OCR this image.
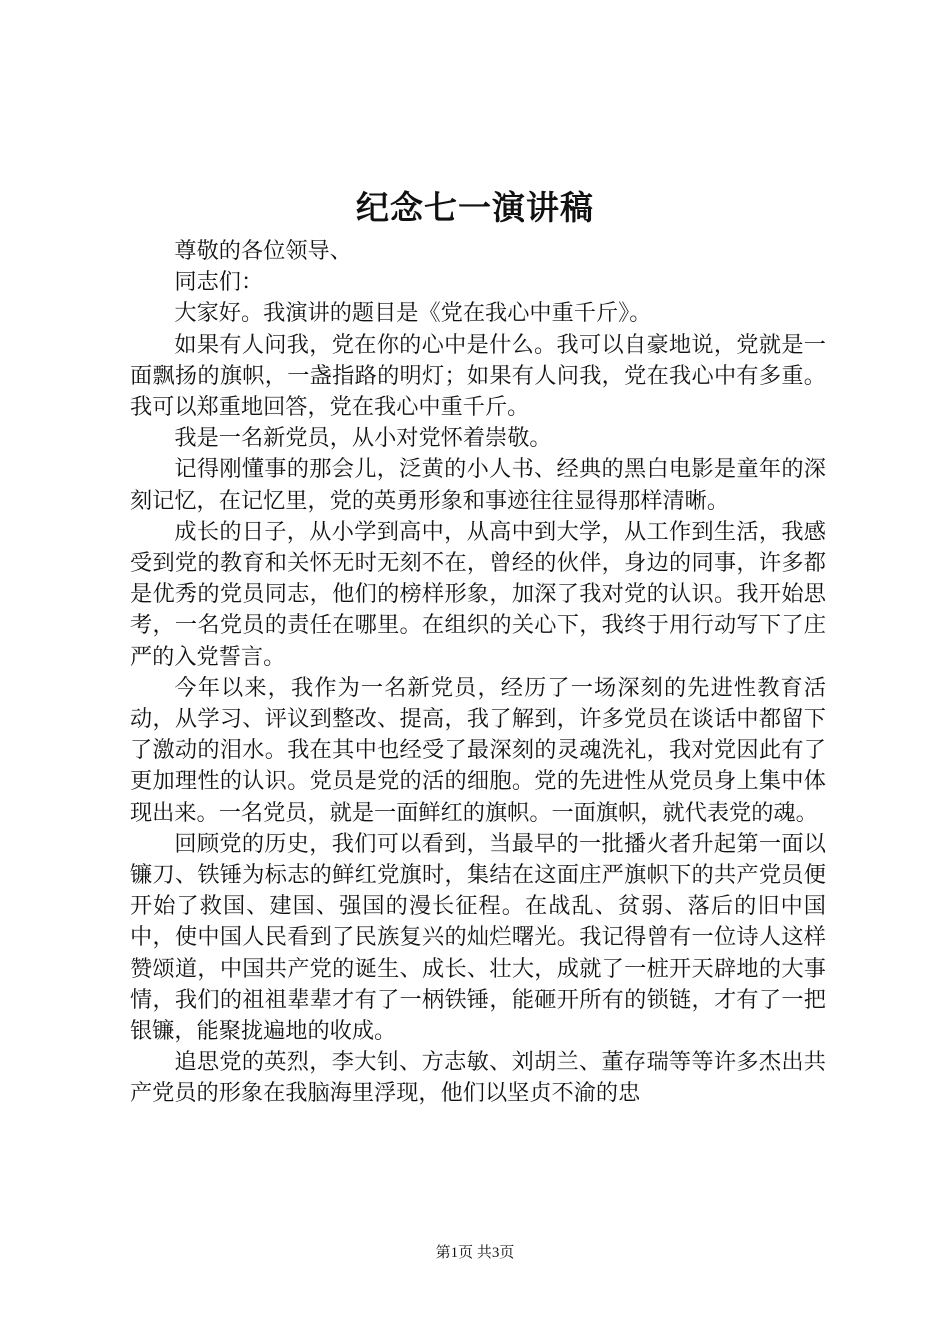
纪念七一演讲稿

尊敬的各位领导、

同志们：

大家好。我演讲的题目是《党在我心中重千斤》。

如果有人问我，党在你的心中是什么。我可以自豪地说，党就是一面飘扬的旗帜，一盏指路的明灯；如果有人问我，党在我心中有多重。我可以郑重地回答，党在我心中重千斤。

我是一名新党员，从小对党怀着崇敬。

记得刚懂事的那会儿，泛黄的小人书、经典的黑白电影是童年的深刻记忆，在记忆里，党的英勇形象和事迹往往显得那样清晰。

成长的日子，从小学到高中，从高中到大学，从工作到生活，我感受到党的教育和关怀无时无刻不在，曾经的伙伴，身边的同事，许多都是优秀的党员同志，他们的榜样形象，加深了我对党的认识。我开始思考，一名党员的责任在哪里。在组织的关心下，我终于用行动写下了庄严的入党誓言。

今年以来，我作为一名新党员，经历了一场深刻的先进性教育活动，从学习、评议到整改、提高，我了解到，许多党员在谈话中都留下了激动的泪水。我在其中也经受了最深刻的灵魂洗礼，我对党因此有了更加理性的认识。党员是党的活的细胞。党的先进性从党员身上集中体现出来。一名党员，就是一面鲜红的旗帜。一面旗帜，就代表党的魂。

回顾党的历史，我们可以看到，当最早的一批播火者升起第一面以镰刀、铁锤为标志的鲜红党旗时，集结在这面庄严旗帜下的共产党员便开始了救国、建国、强国的漫长征程。在战乱、贫弱、落后的旧中国中，使中国人民看到了民族复兴的灿烂曙光。我记得曾有一位诗人这样赞颂道，中国共产党的诞生、成长、壮大，成就了一桩开天辟地的大事情，我们的祖祖辈辈才有了一柄铁锤，能砸开所有的锁链，才有了一把银镰，能聚拢遍地的收成。

追思党的英烈，李大钊、方志敏、刘胡兰、董存瑞等等许多杰出共产党员的形象在我脑海里浮现，他们以坚贞不渝的忠

第1页 共3页
